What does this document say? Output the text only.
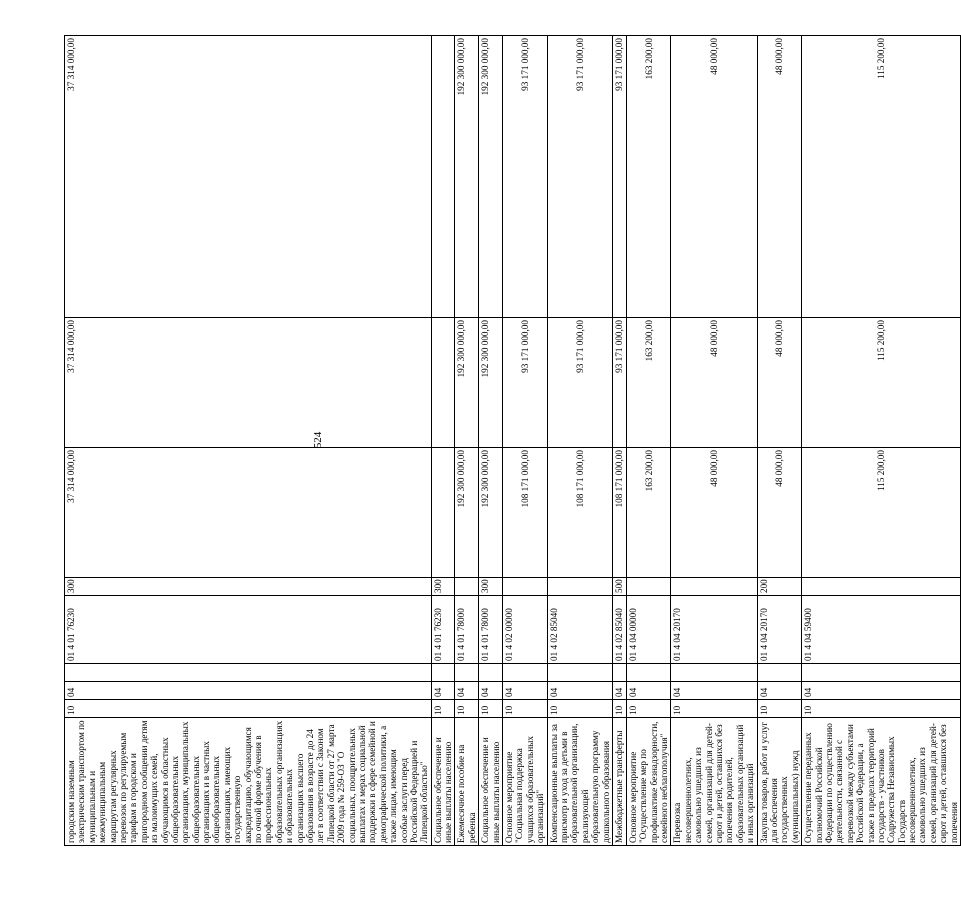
524
городским наземным электрическим транспортом по муниципальным и межмуниципальным маршрутам регулярных перевозок по регулируемым тарифам в городском и пригородном сообщении детям из малоимущих семей, обучающимся в областных общеобразовательных организациях, муниципальных общеобразовательных организациях и в частных общеобразовательных организациях, имеющих государственную аккредитацию, обучающимся по очной форме обучения в профессиональных образовательных организациях и образовательных организациях высшего образования в возрасте до 24 лет в соответствии с Законом Липецкой области от 27 марта 2009 года № 259-ОЗ "О социальных, поощрительных выплатах и мерах социальной поддержки в сфере семейной и демографической политики, а также лицам, имеющим особые заслуги перед Российской Федерацией и Липецкой областью"	10	04		01 4 01 76230	300	37 314 000,00	37 314 000,00	37 314 000,00
Социальное обеспечение и иные выплаты населению	10	04		01 4 01 76230	300			
Ежемесячное пособие на ребенка	10	04		01 4 01 78000		192 300 000,00	192 300 000,00	192 300 000,00
Социальное обеспечение и иные выплаты населению	10	04		01 4 01 78000	300	192 300 000,00	192 300 000,00	192 300 000,00
Основное мероприятие "Социальная поддержка учащихся образовательных организаций"	10	04		01 4 02 00000		108 171 000,00	93 171 000,00	93 171 000,00
Компенсационные выплаты за присмотр и уход за детьми в образовательной организации, реализующей образовательную программу дошкольного образования	10	04		01 4 02 85040		108 171 000,00	93 171 000,00	93 171 000,00
Межбюджетные трансферты	10	04		01 4 02 85040	500	108 171 000,00	93 171 000,00	93 171 000,00
Основное мероприятие "Осуществление мер по профилактике безнадзорности, семейного неблагополучия"	10	04		01 4 04 00000		163 200,00	163 200,00	163 200,00
Перевозка несовершеннолетних, самовольно ушедших из семей, организаций для детей-сирот и детей, оставшихся без попечения родителей, образовательных организаций и иных организаций	10	04		01 4 04 20170		48 000,00	48 000,00	48 000,00
Закупка товаров, работ и услуг для обеспечения государственных (муниципальных) нужд	10	04		01 4 04 20170	200	48 000,00	48 000,00	48 000,00
Осуществление переданных полномочий Российской Федерации по осуществлению деятельности, связанной с перевозкой между субъектами Российской Федерации, а также в пределах территорий государств - участников Содружества Независимых Государств несовершеннолетних, самовольно ушедших из семей, организаций для детей-сирот и детей, оставшихся без попечения	10	04		01 4 04 59400		115 200,00	115 200,00	115 200,00
